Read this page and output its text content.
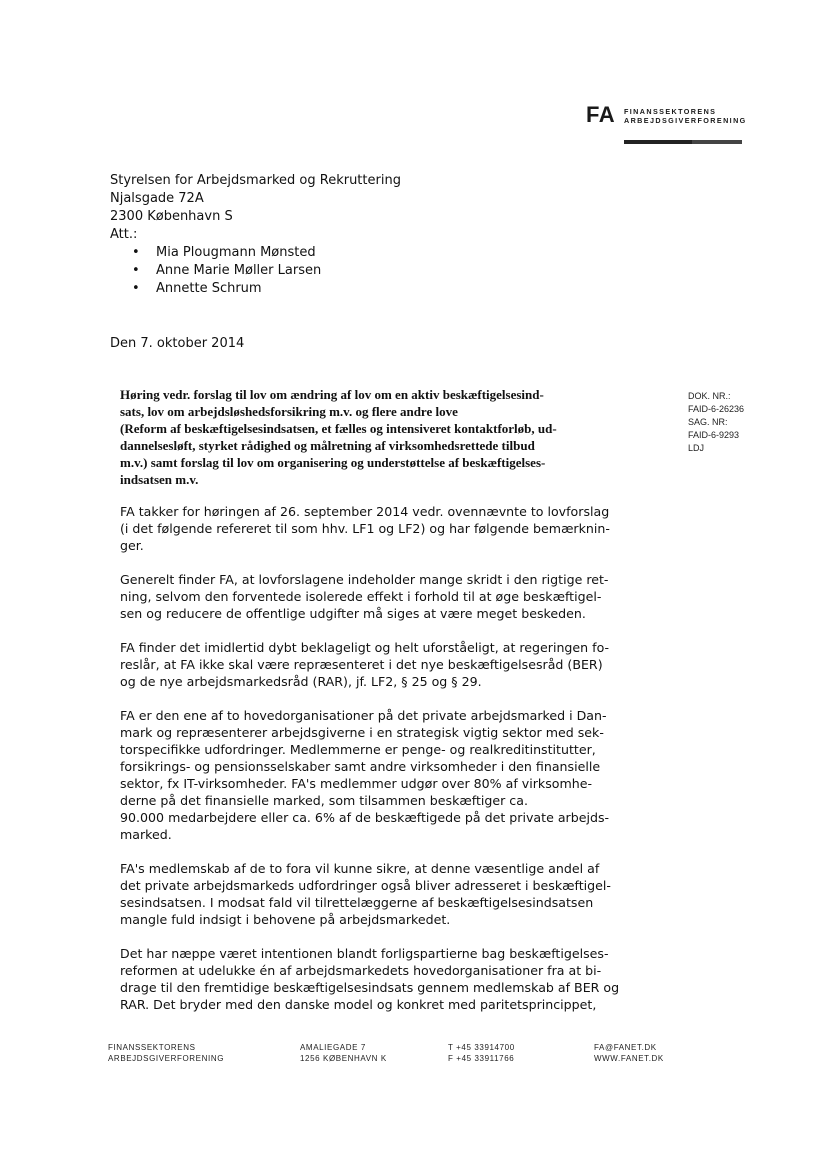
FA FINANSSEKTORENS
ARBEJDSGIVERFORENING
Styrelsen for Arbejdsmarked og Rekruttering
Njalsgade 72A
2300 København S
Att.:
• Mia Plougmann Mønsted
• Anne Marie Møller Larsen
• Annette Schrum
Den 7. oktober 2014
Høring vedr. forslag til lov om ændring af lov om en aktiv beskæftigelsesind-
sats, lov om arbejdsløshedsforsikring m.v. og flere andre love
(Reform af beskæftigelsesindsatsen, et fælles og intensiveret kontaktforløb, ud-
dannelsesløft, styrket rådighed og målretning af virksomhedsrettede tilbud
m.v.) samt forslag til lov om organisering og understøttelse af beskæftigelses-
indsatsen m.v.
DOK. NR.:
FAID-6-26236
SAG. NR:
FAID-6-9293
LDJ
FA takker for høringen af 26. september 2014 vedr. ovennævnte to lovforslag
(i det følgende refereret til som hhv. LF1 og LF2) og har følgende bemærknin-
ger.
Generelt finder FA, at lovforslagene indeholder mange skridt i den rigtige ret-
ning, selvom den forventede isolerede effekt i forhold til at øge beskæftigel-
sen og reducere de offentlige udgifter må siges at være meget beskeden.
FA finder det imidlertid dybt beklageligt og helt uforståeligt, at regeringen fo-
reslår, at FA ikke skal være repræsenteret i det nye beskæftigelsesråd (BER)
og de nye arbejdsmarkedsråd (RAR), jf. LF2, § 25 og § 29.
FA er den ene af to hovedorganisationer på det private arbejdsmarked i Dan-
mark og repræsenterer arbejdsgiverne i en strategisk vigtig sektor med sek-
torspecifikke udfordringer. Medlemmerne er penge- og realkreditinstitutter,
forsikrings- og pensionsselskaber samt andre virksomheder i den finansielle
sektor, fx IT-virksomheder. FA's medlemmer udgør over 80% af virksomhe-
derne på det finansielle marked, som tilsammen beskæftiger ca.
90.000 medarbejdere eller ca. 6% af de beskæftigede på det private arbejds-
marked.
FA's medlemskab af de to fora vil kunne sikre, at denne væsentlige andel af
det private arbejdsmarkeds udfordringer også bliver adresseret i beskæftigel-
sesindsatsen. I modsat fald vil tilrettelæggerne af beskæftigelsesindsatsen
mangle fuld indsigt i behovene på arbejdsmarkedet.
Det har næppe været intentionen blandt forligspartierne bag beskæftigelses-
reformen at udelukke én af arbejdsmarkedets hovedorganisationer fra at bi-
drage til den fremtidige beskæftigelsesindsats gennem medlemskab af BER og
RAR. Det bryder med den danske model og konkret med paritetsprincippet,
FINANSSEKTORENS
ARBEJDSGIVERFORENING
AMALIEGADE 7
1256 KØBENHAVN K
T +45 33914700
F +45 33911766
FA@FANET.DK
WWW.FANET.DK
